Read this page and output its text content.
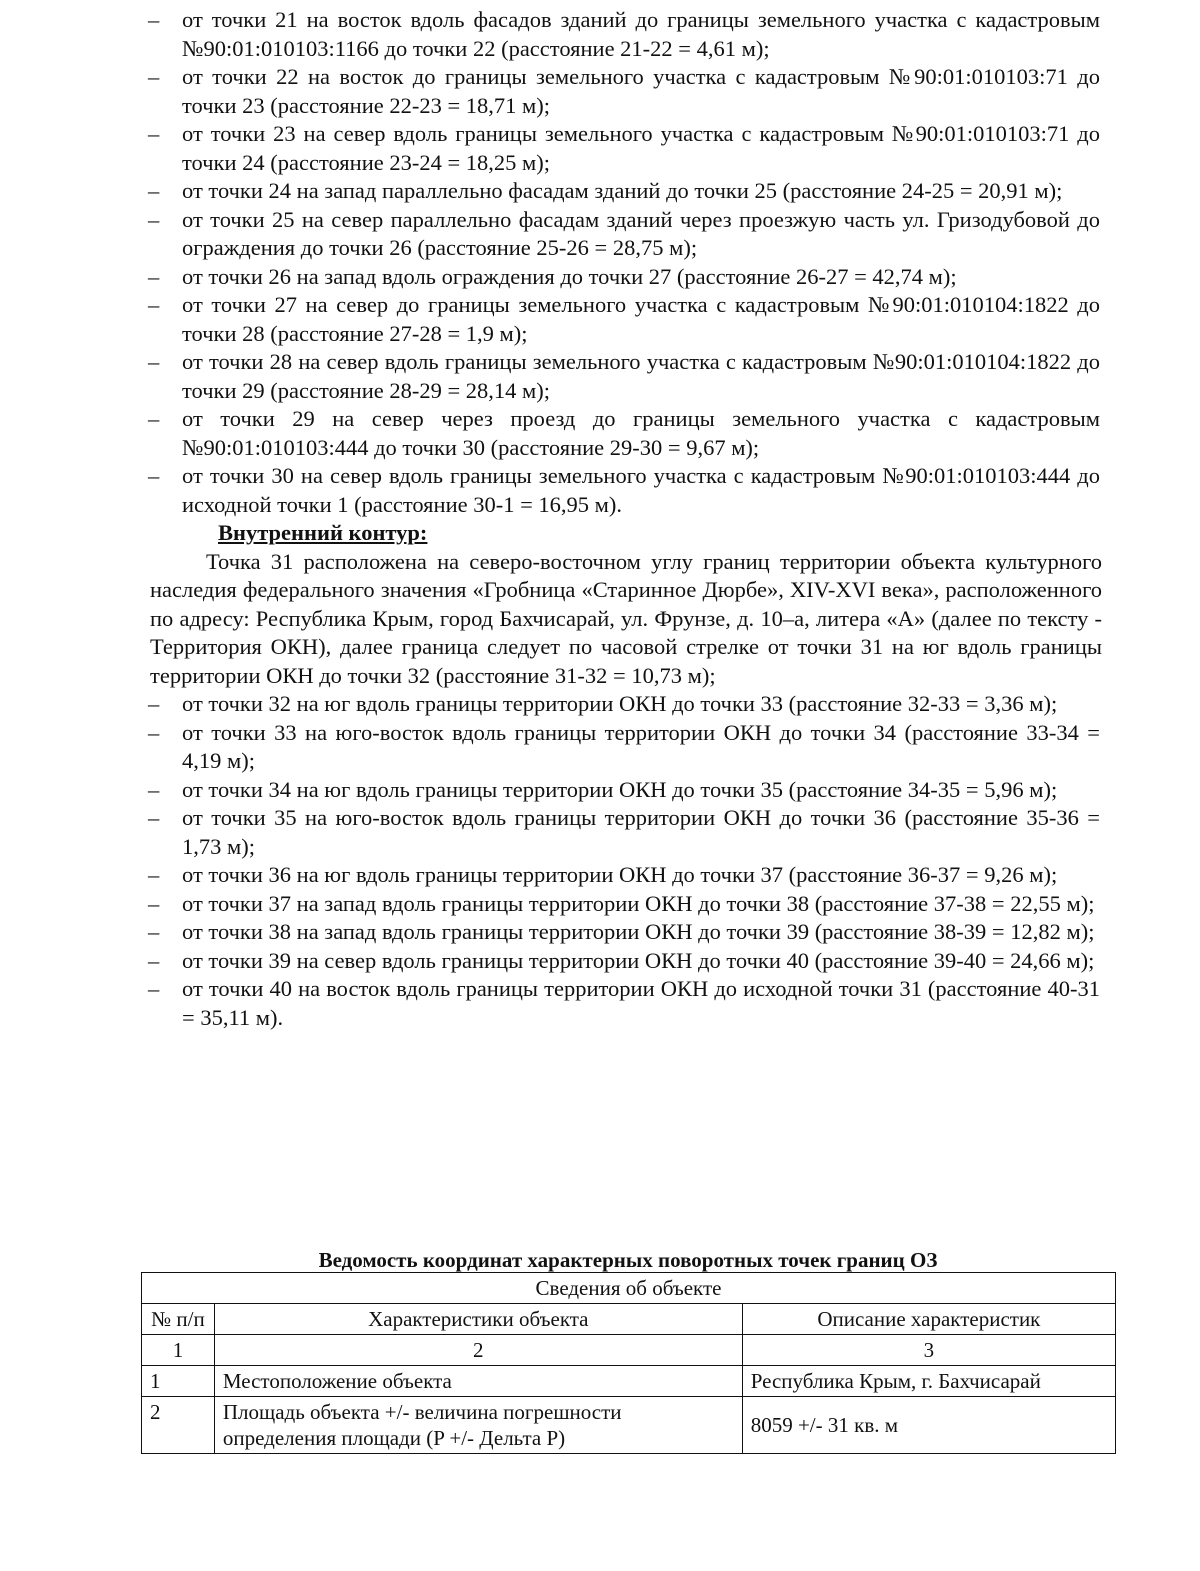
–	от точки 21 на восток вдоль фасадов зданий до границы земельного участка с кадастровым №90:01:010103:1166 до точки 22 (расстояние 21-22 = 4,61 м);
–	от точки 22 на восток до границы земельного участка с кадастровым №90:01:010103:71 до точки 23 (расстояние 22-23 = 18,71 м);
–	от точки 23 на север вдоль границы земельного участка с кадастровым №90:01:010103:71 до точки 24 (расстояние 23-24 = 18,25 м);
–	от точки 24 на запад параллельно фасадам зданий до точки 25 (расстояние 24-25 = 20,91 м);
–	от точки 25 на север параллельно фасадам зданий через проезжую часть ул. Гризодубовой до ограждения до точки 26 (расстояние 25-26 = 28,75 м);
–	от точки 26 на запад вдоль ограждения до точки 27 (расстояние 26-27 = 42,74 м);
–	от точки 27 на север до границы земельного участка с кадастровым №90:01:010104:1822 до точки 28 (расстояние 27-28 = 1,9 м);
–	от точки 28 на север вдоль границы земельного участка с кадастровым №90:01:010104:1822 до точки 29 (расстояние 28-29 = 28,14 м);
–	от точки 29 на север через проезд до границы земельного участка с кадастровым №90:01:010103:444 до точки 30 (расстояние 29-30 = 9,67 м);
–	от точки 30 на север вдоль границы земельного участка с кадастровым №90:01:010103:444 до исходной точки 1 (расстояние 30-1 = 16,95 м).
Внутренний контур:
Точка 31 расположена на северо-восточном углу границ территории объекта культурного наследия федерального значения «Гробница «Старинное Дюрбе», XIV-XVI века», расположенного по адресу: Республика Крым, город Бахчисарай, ул. Фрунзе, д. 10–а, литера «А» (далее по тексту - Территория ОКН), далее граница следует по часовой стрелке от точки 31 на юг вдоль границы территории ОКН до точки 32 (расстояние 31-32 = 10,73 м);
–	от точки 32 на юг вдоль границы территории ОКН до точки 33 (расстояние 32-33 = 3,36 м);
–	от точки 33 на юго-восток вдоль границы территории ОКН до точки 34 (расстояние 33-34 = 4,19 м);
–	от точки 34 на юг вдоль границы территории ОКН до точки 35 (расстояние 34-35 = 5,96 м);
–	от точки 35 на юго-восток вдоль границы территории ОКН до точки 36 (расстояние 35-36 = 1,73 м);
–	от точки 36 на юг вдоль границы территории ОКН до точки 37 (расстояние 36-37 = 9,26 м);
–	от точки 37 на запад вдоль границы территории ОКН до точки 38 (расстояние 37-38 = 22,55 м);
–	от точки 38 на запад вдоль границы территории ОКН до точки 39 (расстояние 38-39 = 12,82 м);
–	от точки 39 на север вдоль границы территории ОКН до точки 40 (расстояние 39-40 = 24,66 м);
–	от точки 40 на восток вдоль границы территории ОКН до исходной точки 31 (расстояние 40-31 = 35,11 м).
Ведомость координат характерных поворотных точек границ ОЗ
Сведения об объекте		
№ п/п	Характеристики объекта	Описание характеристик
1	2	3
1	Местоположение объекта	Республика Крым, г. Бахчисарай
2	Площадь объекта +/- величина погрешности определения площади (P +/- Дельта P)	8059 +/- 31 кв. м
